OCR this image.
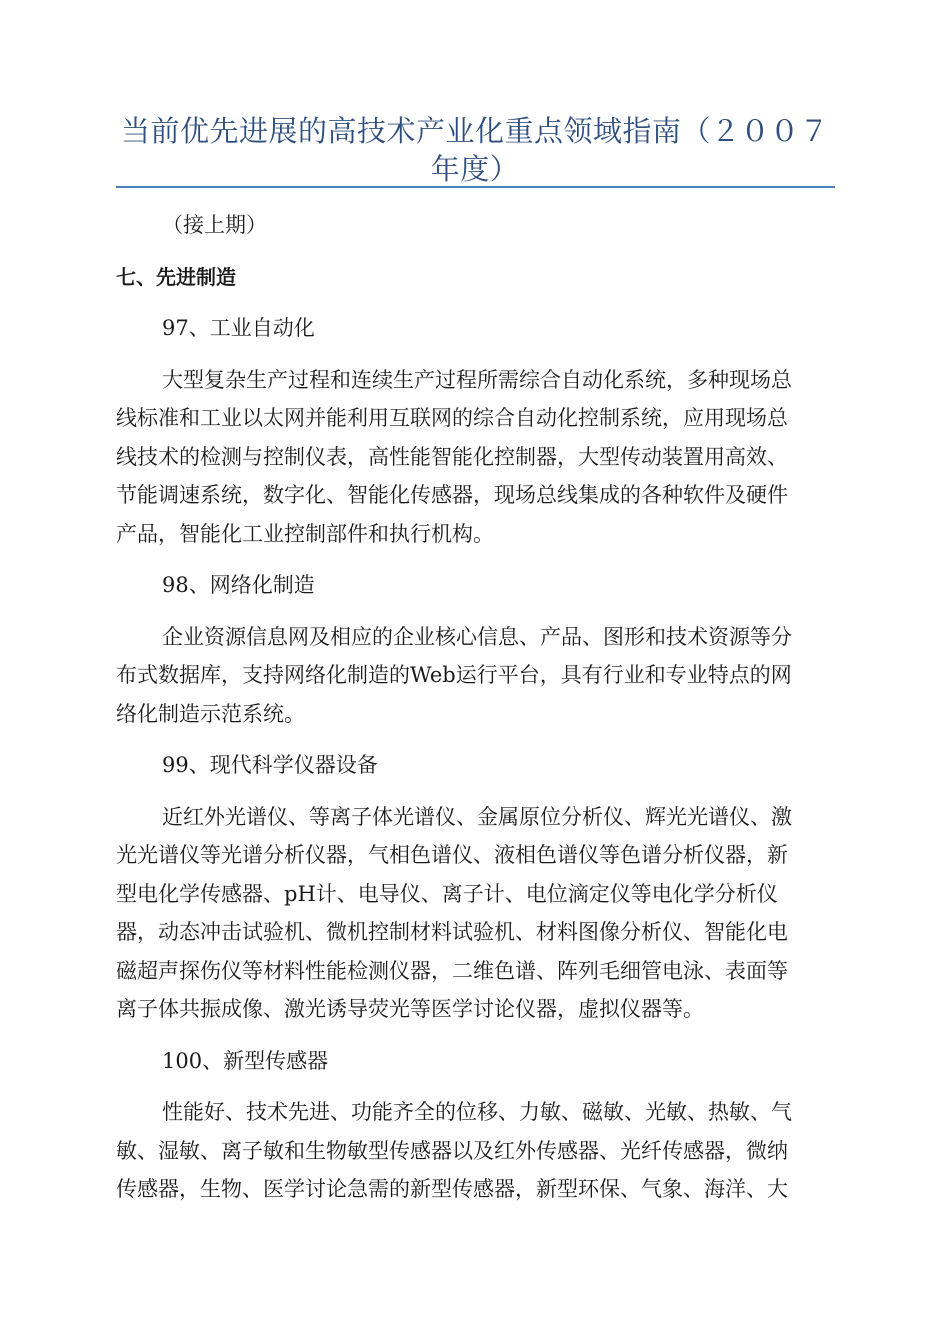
当前优先进展的高技术产业化重点领域指南（２００７
年度）

（接上期）

七、先进制造

97、工业自动化

大型复杂生产过程和连续生产过程所需综合自动化系统，多种现场总
线标准和工业以太网并能利用互联网的综合自动化控制系统，应用现场总
线技术的检测与控制仪表，高性能智能化控制器，大型传动装置用高效、
节能调速系统，数字化、智能化传感器，现场总线集成的各种软件及硬件
产品，智能化工业控制部件和执行机构。

98、网络化制造

企业资源信息网及相应的企业核心信息、产品、图形和技术资源等分
布式数据库，支持网络化制造的Web运行平台，具有行业和专业特点的网
络化制造示范系统。

99、现代科学仪器设备

近红外光谱仪、等离子体光谱仪、金属原位分析仪、辉光光谱仪、激
光光谱仪等光谱分析仪器，气相色谱仪、液相色谱仪等色谱分析仪器，新
型电化学传感器、pH计、电导仪、离子计、电位滴定仪等电化学分析仪
器，动态冲击试验机、微机控制材料试验机、材料图像分析仪、智能化电
磁超声探伤仪等材料性能检测仪器，二维色谱、阵列毛细管电泳、表面等
离子体共振成像、激光诱导荧光等医学讨论仪器，虚拟仪器等。

100、新型传感器

性能好、技术先进、功能齐全的位移、力敏、磁敏、光敏、热敏、气
敏、湿敏、离子敏和生物敏型传感器以及红外传感器、光纤传感器，微纳
传感器，生物、医学讨论急需的新型传感器，新型环保、气象、海洋、大
